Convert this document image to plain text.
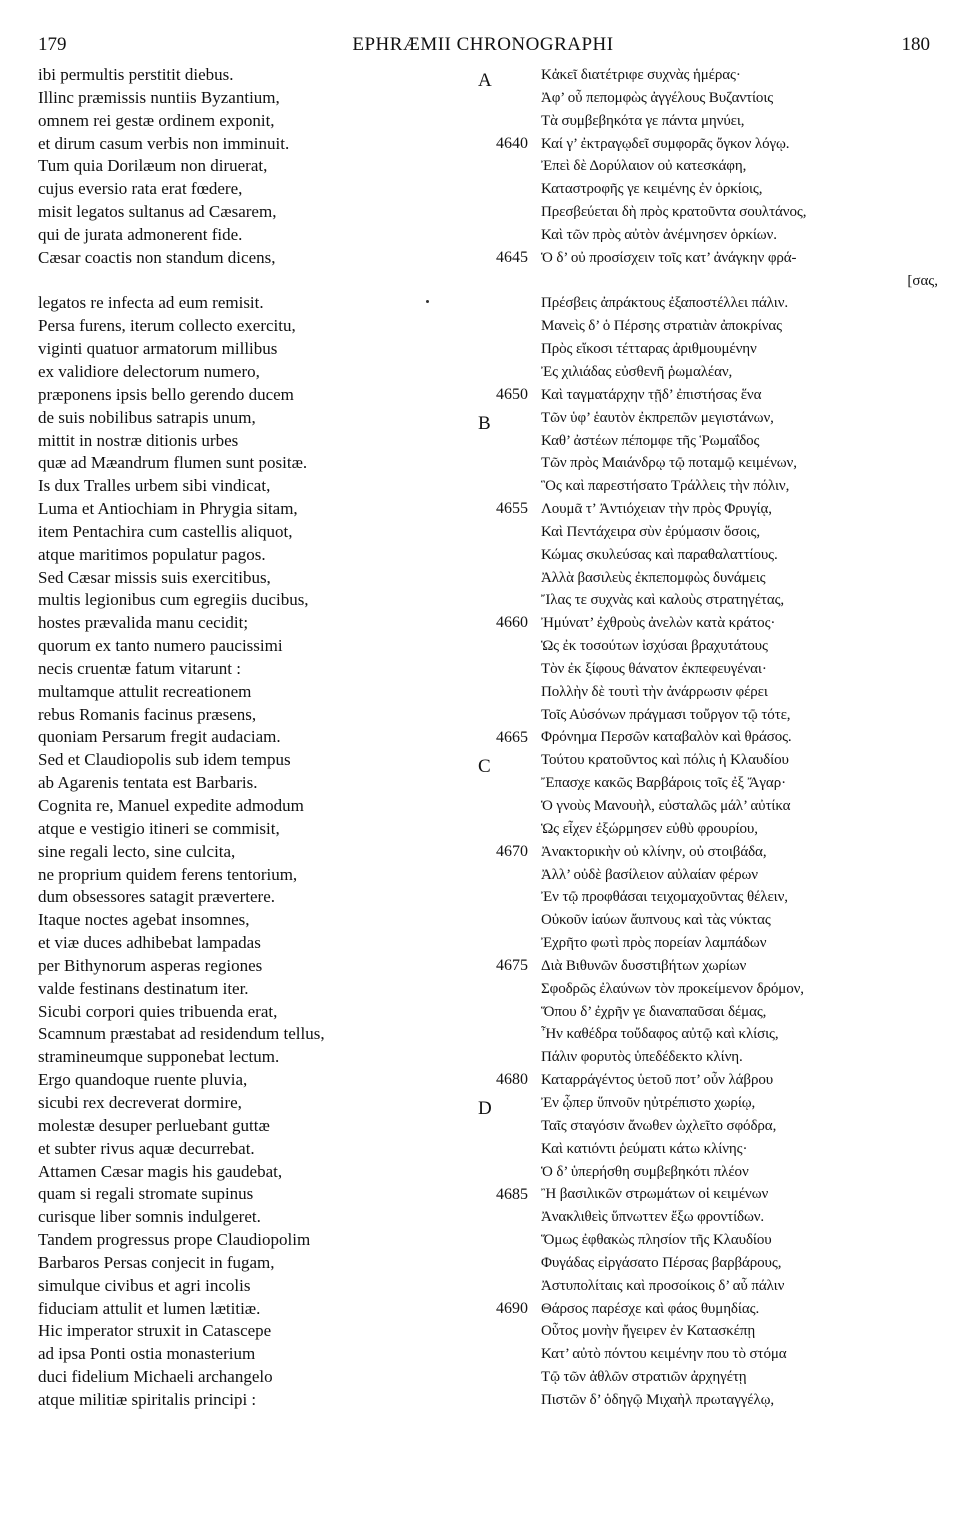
179	EPHRÆMII CHRONOGRAPHI	180
ibi permultis perstitit diebus.
Illinc præmissis nuntiis Byzantium,
omnem rei gestæ ordinem exponit,
et dirum casum verbis non imminuit.
Tum quia Dorilæum non diruerat,
cujus eversio rata erat fœdere,
misit legatos sultanus ad Cæsarem,
qui de jurata admonerent fide.
Cæsar coactis non standum dicens,
legatos re infecta ad eum remisit.
Persa furens, iterum collecto exercitu,
viginti quatuor armatorum millibus
ex validiore delectorum numero,
præponens ipsis bello gerendo ducem
de suis nobilibus satrapis unum,
mittit in nostræ ditionis urbes
quæ ad Mæandrum flumen sunt positæ.
Is dux Tralles urbem sibi vindicat,
Luma et Antiochiam in Phrygia sitam,
item Pentachira cum castellis aliquot,
atque maritimos populatur pagos.
Sed Cæsar missis suis exercitibus,
multis legionibus cum egregiis ducibus,
hostes prævalida manu cecidit;
quorum ex tanto numero paucissimi
necis cruentæ fatum vitarunt :
multamque attulit recreationem
rebus Romanis facinus præsens,
quoniam Persarum fregit audaciam.
Sed et Claudiopolis sub idem tempus
ab Agarenis tentata est Barbaris.
Cognita re, Manuel expedite admodum
atque e vestigio itineri se commisit,
sine regali lecto, sine culcita,
ne proprium quidem ferens tentorium,
dum obsessores satagit prævertere.
Itaque noctes agebat insomnes,
et viæ duces adhibebat lampadas
per Bithynorum asperas regiones
valde festinans destinatum iter.
Sicubi corpori quies tribuenda erat,
Scamnum præstabat ad residendum tellus,
stramineumque supponebat lectum.
Ergo quandoque ruente pluvia,
sicubi rex decreverat dormire,
molestæ desuper perluebant guttæ
et subter rivus aquæ decurrebat.
Attamen Cæsar magis his gaudebat,
quam si regali stromate supinus
curisque liber somnis indulgeret.
Tandem progressus prope Claudiopolim
Barbaros Persas conjecit in fugam,
simulque civibus et agri incolis
fiduciam attulit et lumen lætitiæ.
Hic imperator struxit in Catascepe
ad ipsa Ponti ostia monasterium
duci fidelium Michaeli archangelo
atque militiæ spiritalis principi :
Κἀκεῖ διατέτριφε συχνὰς ἡμέρας·
Ἀφ’ οὗ πεπομφὼς ἀγγέλους Βυζαντίοις
Τὰ συμβεβηκότα γε πάντα μηνύει,
Καί γ’ ἐκτραγῳδεῖ συμφορᾶς ὄγκον λόγῳ.
Ἐπεὶ δὲ Δορύλαιον οὐ κατεσκάφη,
Καταστροφῆς γε κειμένης ἐν ὁρκίοις,
Πρεσβεύεται δὴ πρὸς κρατοῦντα σουλτάνος,
Καὶ τῶν πρὸς αὐτὸν ἀνέμνησεν ὁρκίων.
Ὁ δ’ οὐ προσίσχειν τοῖς κατ’ ἀνάγκην φρά-
Πρέσβεις ἀπράκτους ἐξαποστέλλει πάλιν.
Μανεὶς δ’ ὁ Πέρσης στρατιὰν ἀποκρίνας
Πρὸς εἴκοσι τέτταρας ἀριθμουμένην
Ἐς χιλιάδας εὐσθενῆ ῥωμαλέαν,
Καὶ ταγματάρχην τῇδ’ ἐπιστήσας ἕνα
Τῶν ὑφ’ ἑαυτὸν ἐκπρεπῶν μεγιστάνων,
Καθ’ ἀστέων πέπομφε τῆς Ῥωμαΐδος
Τῶν πρὸς Μαιάνδρῳ τῷ ποταμῷ κειμένων,
Ὃς καὶ παρεστήσατο Τράλλεις τὴν πόλιν,
Λουμᾶ τ’ Ἀντιόχειαν τὴν πρὸς Φρυγίᾳ,
Καὶ Πεντάχειρα σὺν ἐρύμασιν ὅσοις,
Κώμας σκυλεύσας καὶ παραθαλαττίους.
Ἀλλὰ βασιλεὺς ἐκπεπομφὼς δυνάμεις
Ἴλας τε συχνὰς καὶ καλοὺς στρατηγέτας,
Ἠμύνατ’ ἐχθροὺς ἀνελὼν κατὰ κράτος·
Ὡς ἐκ τοσούτων ἰσχύσαι βραχυτάτους
Τὸν ἐκ ξίφους θάνατον ἐκπεφευγέναι·
Πολλὴν δὲ τουτὶ τὴν ἀνάρρωσιν φέρει
Τοῖς Αὐσόνων πράγμασι τοὔργον τῷ τότε,
Φρόνημα Περσῶν καταβαλὸν καὶ θράσος.
Τούτου κρατοῦντος καὶ πόλις ἡ Κλαυδίου
Ἔπασχε κακῶς Βαρβάροις τοῖς ἐξ Ἄγαρ·
Ὁ γνοὺς Μανουὴλ, εὐσταλῶς μάλ’ αὐτίκα
Ὡς εἶχεν ἐξώρμησεν εὐθὺ φρουρίου,
Ἀνακτορικὴν οὐ κλίνην, οὐ στοιβάδα,
Ἀλλ’ οὐδὲ βασίλειον αὐλαίαν φέρων
Ἐν τῷ προφθάσαι τειχομαχοῦντας θέλειν,
Οὐκοῦν ἰαύων ἄυπνους καὶ τὰς νύκτας
Ἐχρῆτο φωτὶ πρὸς πορείαν λαμπάδων
Διὰ Βιθυνῶν δυσστιβήτων χωρίων
Σφοδρῶς ἐλαύνων τὸν προκείμενον δρόμον,
Ὅπου δ’ ἐχρῆν γε διαναπαῦσαι δέμας,
Ἦν καθέδρα τοὔδαφος αὐτῷ καὶ κλίσις,
Πάλιν φορυτὸς ὑπεδέδεκτο κλίνη.
Καταρράγέντος ὑετοῦ ποτ’ οὖν λάβρου
Ἐν ᾧπερ ὕπνοῦν ηὐτρέπιστο χωρίῳ,
Ταῖς σταγόσιν ἄνωθεν ὠχλεῖτο σφόδρα,
Καὶ κατιόντι ῥεύματι κάτω κλίνης·
Ὁ δ’ ὑπερήσθη συμβεβηκότι πλέον
Ἢ βασιλικῶν στρωμάτων οἱ κειμένων
Ἀνακλιθεὶς ὕπνωττεν ἔξω φροντίδων.
Ὅμως ἐφθακὼς πλησίον τῆς Κλαυδίου
Φυγάδας εἰργάσατο Πέρσας βαρβάρους,
Ἀστυπολίταις καὶ προσοίκοις δ’ αὖ πάλιν
Θάρσος παρέσχε καὶ φάος θυμηδίας.
Οὗτος μονὴν ἤγειρεν ἐν Κατασκέπῃ
Κατ’ αὐτὸ πόντου κειμένην που τὸ στόμα
Τῷ τῶν ἀθλῶν στρατιῶν ἀρχηγέτῃ
Πιστῶν δ’ ὁδηγῷ Μιχαὴλ πρωταγγέλῳ,
[σας,
4640
4645
4650
4655
4660
4665
4670
4675
4680
4685
4690
A
B
C
D
